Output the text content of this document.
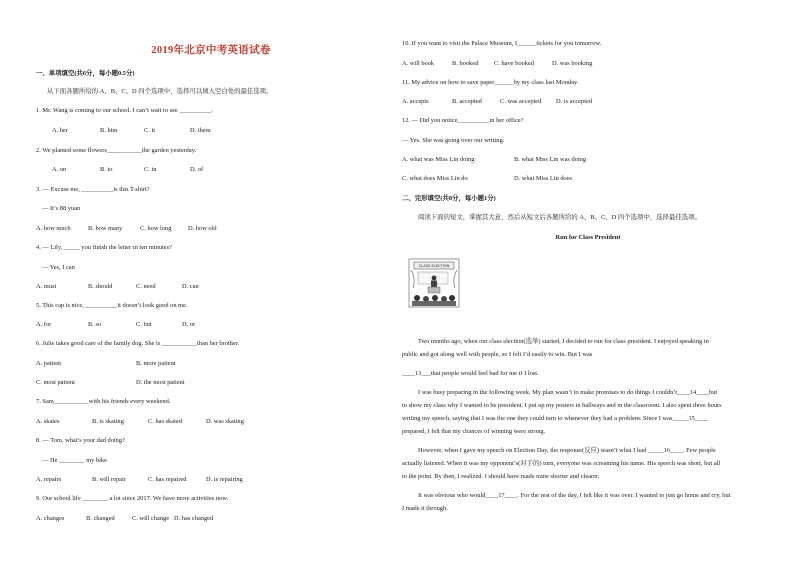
2019年北京中考英语试卷
一、单项填空(共6分，每小题0.5分)
从下面各题所给的 A、B、C、D 四个选项中，选择可以填入空白处的最佳选项。
1. Mr. Wang is coming to our school. I can’t wait to see __________.
A. her	B. him	C. it	D. them
2. We planted some flowers___________the garden yesterday.
A. on	B. to	C. in	D. of
3. — Excuse me, __________is this T-shirt?
— It’s 88 yuan
A. how much	B. how many	C. how long	D. how old
4. — Lily, _____ you finish the letter in ten minutes?
— Yes, I can
A. must	B. should	C. need	D. can
5. This cap is nice, __________it doesn’t look good on me.
A. for	B. so	C. but	D. or
6. Julie takes good care of the family dog. She is ___________than her brother.
A. patient	B. more patient
C. most patient	D. the most patient
7. Sam___________with his friends every weekend.
A. skates	B. is skating	C. has skated	D. was skating
8. — Tom, what’s your dad doing?
— He ________ my bike
A. repairs	B. will repair	C. has repaired	D. is repairing
9. Our school life ________ a lot since 2017. We have more activities now.
A. changes	B. changed	C. will change D. has changed
10. If you want to visit the Palace Museum, I______tickets for you tomorrow.
A. will book	B. booked C. have booked	D. was booking
11. My advice on how to save paper______by my class last Monday.
A. accepts	B. accepted	C. was accepted D. is accepted
12. — Did you notice__________in her office?
— Yes. She was going over our writing.
A. what was Miss Lin doing	B. what Miss Lin was doing
C. what does Miss Lin do	D. what Miss Lin does
二、完形填空(共8分，每小题1分)
阅读下面的短文，掌握其大意，然后从短文后各题所给的 A、B、C、D 四个选项中，选择最佳选项。
Run for Class President
CLASS ELECTION
Two months ago, when our class election(选举) started, I decided to run for class president. I enjoyed speaking in
public and got along well with people, so I felt I’d easily to win. But I was
____13___that people would feel bad for me if I lost.
I was busy preparing in the following week. My plan wasn’t to make promises to do things I couldn’t____14____but
to show my class why I wanted to be president. I put up my posters in hallways and in the classroom. I also spent three hours
writing my speech, saying that I was the one they could turn to whenever they had a problem. Since I was_____15____
prepared, I felt that my chances of winning were strong.
However, when I gave my speech on Election Day, the response(反应) wasn’t what I had _____16____. Few people
actually listened. When it was my opponent’s(对手的) turn, everyone was screaming his name. His speech was short, but all
to the point. By then, I realized. I should have made mine shorter and clearer.
It was obvious who would____17____. For the rest of the day, I felt like it was over. I wanted to just go home and cry, but
I made it through.
